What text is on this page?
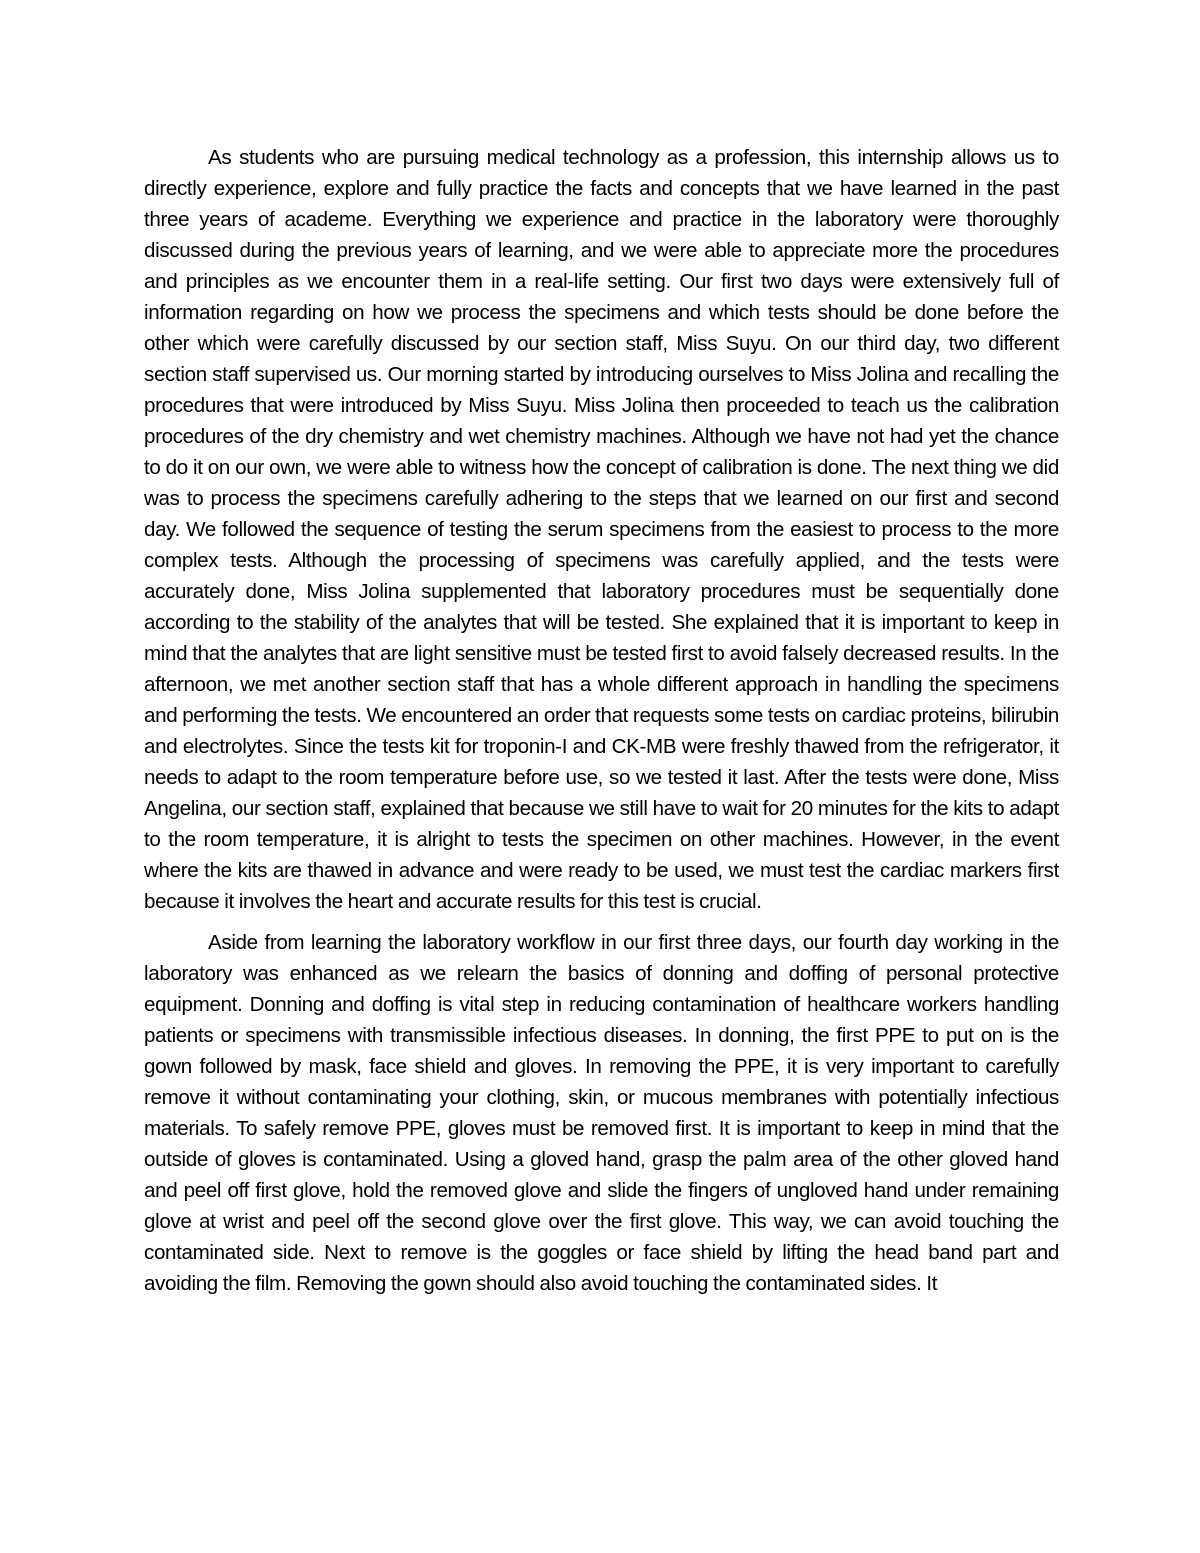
As students who are pursuing medical technology as a profession, this internship allows us to directly experience, explore and fully practice the facts and concepts that we have learned in the past three years of academe. Everything we experience and practice in the laboratory were thoroughly discussed during the previous years of learning, and we were able to appreciate more the procedures and principles as we encounter them in a real-life setting. Our first two days were extensively full of information regarding on how we process the specimens and which tests should be done before the other which were carefully discussed by our section staff, Miss Suyu. On our third day, two different section staff supervised us. Our morning started by introducing ourselves to Miss Jolina and recalling the procedures that were introduced by Miss Suyu. Miss Jolina then proceeded to teach us the calibration procedures of the dry chemistry and wet chemistry machines. Although we have not had yet the chance to do it on our own, we were able to witness how the concept of calibration is done. The next thing we did was to process the specimens carefully adhering to the steps that we learned on our first and second day. We followed the sequence of testing the serum specimens from the easiest to process to the more complex tests. Although the processing of specimens was carefully applied, and the tests were accurately done, Miss Jolina supplemented that laboratory procedures must be sequentially done according to the stability of the analytes that will be tested. She explained that it is important to keep in mind that the analytes that are light sensitive must be tested first to avoid falsely decreased results. In the afternoon, we met another section staff that has a whole different approach in handling the specimens and performing the tests. We encountered an order that requests some tests on cardiac proteins, bilirubin and electrolytes. Since the tests kit for troponin-I and CK-MB were freshly thawed from the refrigerator, it needs to adapt to the room temperature before use, so we tested it last. After the tests were done, Miss Angelina, our section staff, explained that because we still have to wait for 20 minutes for the kits to adapt to the room temperature, it is alright to tests the specimen on other machines. However, in the event where the kits are thawed in advance and were ready to be used, we must test the cardiac markers first because it involves the heart and accurate results for this test is crucial.

Aside from learning the laboratory workflow in our first three days, our fourth day working in the laboratory was enhanced as we relearn the basics of donning and doffing of personal protective equipment. Donning and doffing is vital step in reducing contamination of healthcare workers handling patients or specimens with transmissible infectious diseases. In donning, the first PPE to put on is the gown followed by mask, face shield and gloves. In removing the PPE, it is very important to carefully remove it without contaminating your clothing, skin, or mucous membranes with potentially infectious materials. To safely remove PPE, gloves must be removed first. It is important to keep in mind that the outside of gloves is contaminated. Using a gloved hand, grasp the palm area of the other gloved hand and peel off first glove, hold the removed glove and slide the fingers of ungloved hand under remaining glove at wrist and peel off the second glove over the first glove. This way, we can avoid touching the contaminated side. Next to remove is the goggles or face shield by lifting the head band part and avoiding the film. Removing the gown should also avoid touching the contaminated sides. It
